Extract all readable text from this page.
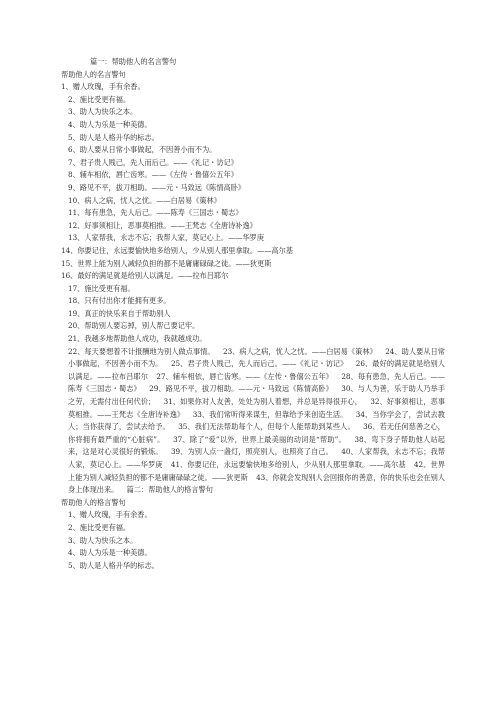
篇一：帮助他人的名言警句
帮助他人的名言警句
1、赠人玫瑰，手有余香。
2、施比受更有福。
3、助人为快乐之本。
4、助人为乐是一种美德。
5、助人是人格升华的标志。
6、助人要从日常小事做起，不因善小而不为。
7、君子贵人贱己，先人而后己。——《礼记・访记》
8、辅车相依，唇亡齿寒。——《左传・鲁僖公五年》
9、路见不平，拔刀相助。——元・马致远《陈情高卧》
10、病人之病，忧人之忧。——白居易《策林》
11、每有患急，先人后己。——陈寿《三国志・蜀志》
12、好事须相让，恶事莫相推。——王梵志《全唐诗补逸》
13、人家帮我，永志不忘；我帮人家，莫记心上。——华罗庚
14、你要记住，永远要愉快地多给别人，少从别人那里拿取。——高尔基
15、世界上能为别人减轻负担的都不是庸庸碌碌之徒。——狄更斯
16、最好的满足就是给别人以满足。——拉布吕耶尔
17、施比受更有福。
18、只有付出你才能拥有更多。
19、真正的快乐来自于帮助别人
20、帮助别人要忘掉，别人帮己要记牢。
21、我越多地帮助他人成功，我就越成功。
22、每天要想着不计报酬地为别人做点事情。 23、病人之病，忧人之忧。——白居易《策林》 24、助人要从日常小事做起，不因善小而不为。 25、君子贵人贱己，先人而后己。——《礼记・访记》 26、最好的满足就是给别人以满足。——拉布吕耶尔 27、辅车相依，唇亡齿寒。——《左传・鲁僖公五年》 28、每有患急，先人后己。——陈寿《三国志・蜀志》 29、路见不平，拔刀相助。——元・马致远《陈情高卧》 30、与人为善，乐于助人乃举手之劳，无需付出任何代价； 31、如果你对人友善，处处为别人着想，并总是异得很开心， 32、好事须相让，恶事莫相推。——王梵志《全唐诗补逸》 33、我们常听得来谋生，但靠给予来创造生活。 34、当你学会了，尝试去教人；当你获得了，尝试去给予。 35、我们无法帮助每个人，但每个人能帮助到某些人。 36、若无任何慈善之心，你将拥有最严重的“心脏病”。 37、除了“爱”以外，世界上最美丽的动词是“帮助”。 38、弯下身子帮助他人站起来，这是对心灵很好的锻炼。 39、为别人点一盏灯，照亮别人，也照亮了自己。 40、人家帮我，永志不忘；我帮人家，莫记心上。——华罗庚 41、你要记住，永远要愉快地多给别人，少从别人那里拿取。——高尔基 42、世界上能为别人减轻负担的都不是庸庸碌碌之徒。——狄更斯 43、你就会发现别人会回报你的善意，你的快乐也会在别人身上体现出来。 篇二：帮助他人的格言警句
帮助他人的格言警句
1、赠人玫瑰，手有余香。
2、施比受更有福。
3、助人为快乐之本。
4、助人为乐是一种美德。
5、助人是人格升华的标志。
